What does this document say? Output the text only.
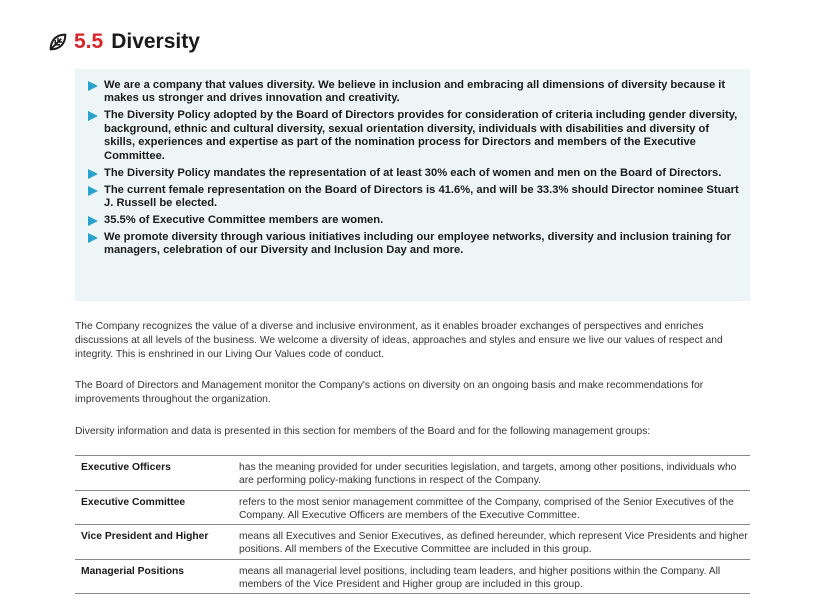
5.5 Diversity
We are a company that values diversity. We believe in inclusion and embracing all dimensions of diversity because it makes us stronger and drives innovation and creativity.
The Diversity Policy adopted by the Board of Directors provides for consideration of criteria including gender diversity, background, ethnic and cultural diversity, sexual orientation diversity, individuals with disabilities and diversity of skills, experiences and expertise as part of the nomination process for Directors and members of the Executive Committee.
The Diversity Policy mandates the representation of at least 30% each of women and men on the Board of Directors.
The current female representation on the Board of Directors is 41.6%, and will be 33.3% should Director nominee Stuart J. Russell be elected.
35.5% of Executive Committee members are women.
We promote diversity through various initiatives including our employee networks, diversity and inclusion training for managers, celebration of our Diversity and Inclusion Day and more.

The Company recognizes the value of a diverse and inclusive environment, as it enables broader exchanges of perspectives and enriches discussions at all levels of the business. We welcome a diversity of ideas, approaches and styles and ensure we live our values of respect and integrity. This is enshrined in our Living Our Values code of conduct.

The Board of Directors and Management monitor the Company's actions on diversity on an ongoing basis and make recommendations for improvements throughout the organization.

Diversity information and data is presented in this section for members of the Board and for the following management groups:

Executive Officers	has the meaning provided for under securities legislation, and targets, among other positions, individuals who are performing policy-making functions in respect of the Company.
Executive Committee	refers to the most senior management committee of the Company, comprised of the Senior Executives of the Company. All Executive Officers are members of the Executive Committee.
Vice President and Higher	means all Executives and Senior Executives, as defined hereunder, which represent Vice Presidents and higher positions. All members of the Executive Committee are included in this group.
Managerial Positions	means all managerial level positions, including team leaders, and higher positions within the Company. All members of the Vice President and Higher group are included in this group.
